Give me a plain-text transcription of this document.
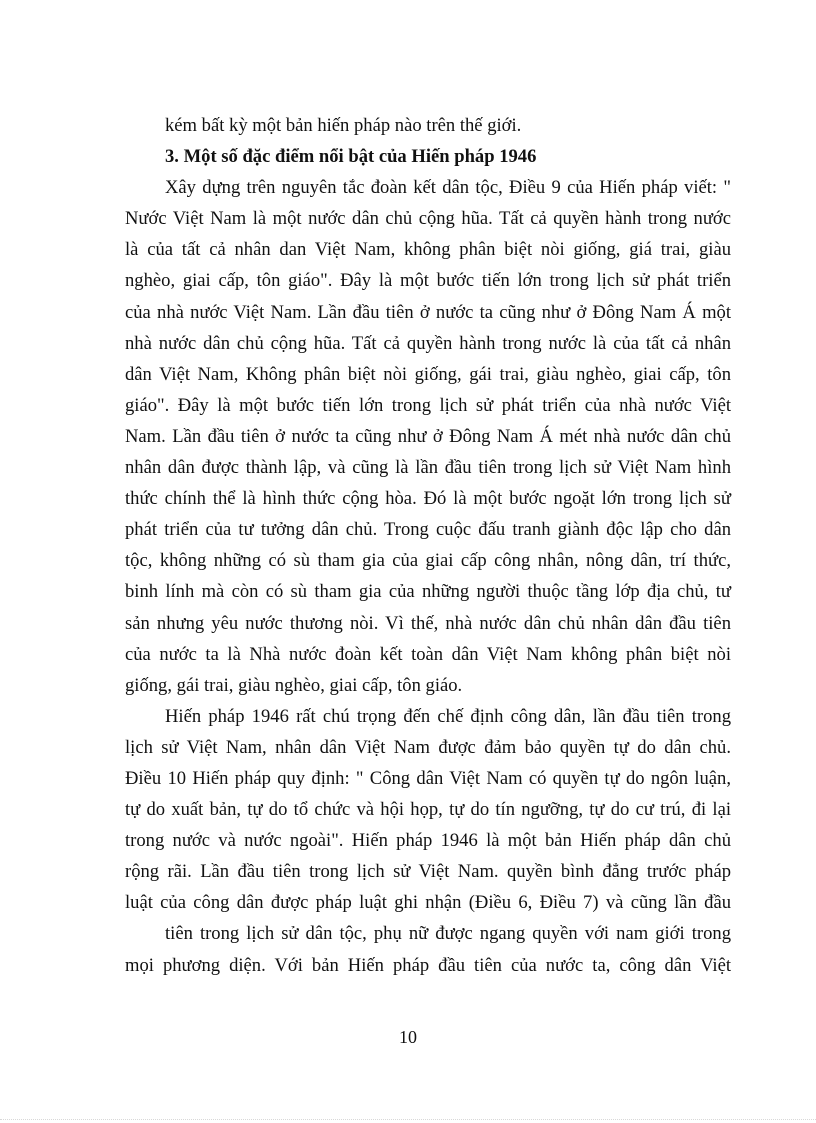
kém bất kỳ một bản hiến pháp nào trên thế giới.
3. Một số đặc điểm nổi bật của Hiến pháp 1946
Xây dựng trên nguyên tắc đoàn kết dân tộc, Điều 9 của Hiến pháp viết: "
Nước Việt Nam là một nước dân chủ cộng hũa. Tất cả quyền hành trong nước
là của tất cả nhân dan Việt Nam, không phân biệt nòi giống, giá trai, giàu
nghèo, giai cấp, tôn giáo". Đây là một bước tiến lớn trong lịch sử phát triển
của nhà nước Việt Nam. Lần đầu tiên ở nước ta cũng như ở Đông Nam Á một
nhà nước dân chủ cộng hũa. Tất cả quyền hành trong nước là của tất cả nhân
dân Việt Nam, Không phân biệt nòi giống, gái trai, giàu nghèo, giai cấp, tôn
giáo". Đây là một bước tiến lớn trong lịch sử phát triển của nhà nước Việt
Nam. Lần đầu tiên ở nước ta cũng như ở Đông Nam Á mét nhà nước dân chủ
nhân dân được thành lập, và cũng là lần đầu tiên trong lịch sử Việt Nam hình
thức chính thể là hình thức cộng hòa. Đó là một bước ngoặt lớn trong lịch sử
phát triển của tư tưởng dân chủ. Trong cuộc đấu tranh giành độc lập cho dân
tộc, không những có sù tham gia của giai cấp công nhân, nông dân, trí thức,
binh lính mà còn có sù tham gia của những người thuộc tầng lớp địa chủ, tư
sản nhưng yêu nước thương nòi. Vì thế, nhà nước dân chủ nhân dân đầu tiên
của nước ta là Nhà nước đoàn kết toàn dân Việt Nam không phân biệt nòi
giống, gái trai, giàu nghèo, giai cấp, tôn giáo.
Hiến pháp 1946 rất chú trọng đến chế định công dân, lần đầu tiên trong
lịch sử Việt Nam, nhân dân Việt Nam được đảm bảo quyền tự do dân chủ.
Điều 10 Hiến pháp quy định: " Công dân Việt Nam có quyền tự do ngôn luận,
tự do xuất bản, tự do tổ chức và hội họp, tự do tín ngưỡng, tự do cư trú, đi lại
trong nước và nước ngoài". Hiến pháp 1946 là một bản Hiến pháp dân chủ
rộng rãi. Lần đầu tiên trong lịch sử Việt Nam. quyền bình đẳng trước pháp
luật của công dân được pháp luật ghi nhận (Điều 6, Điều 7) và cũng lần đầu
tiên trong lịch sử dân tộc, phụ nữ được ngang quyền với nam giới trong
mọi phương diện. Với bản Hiến pháp đầu tiên của nước ta, công dân Việt
10
